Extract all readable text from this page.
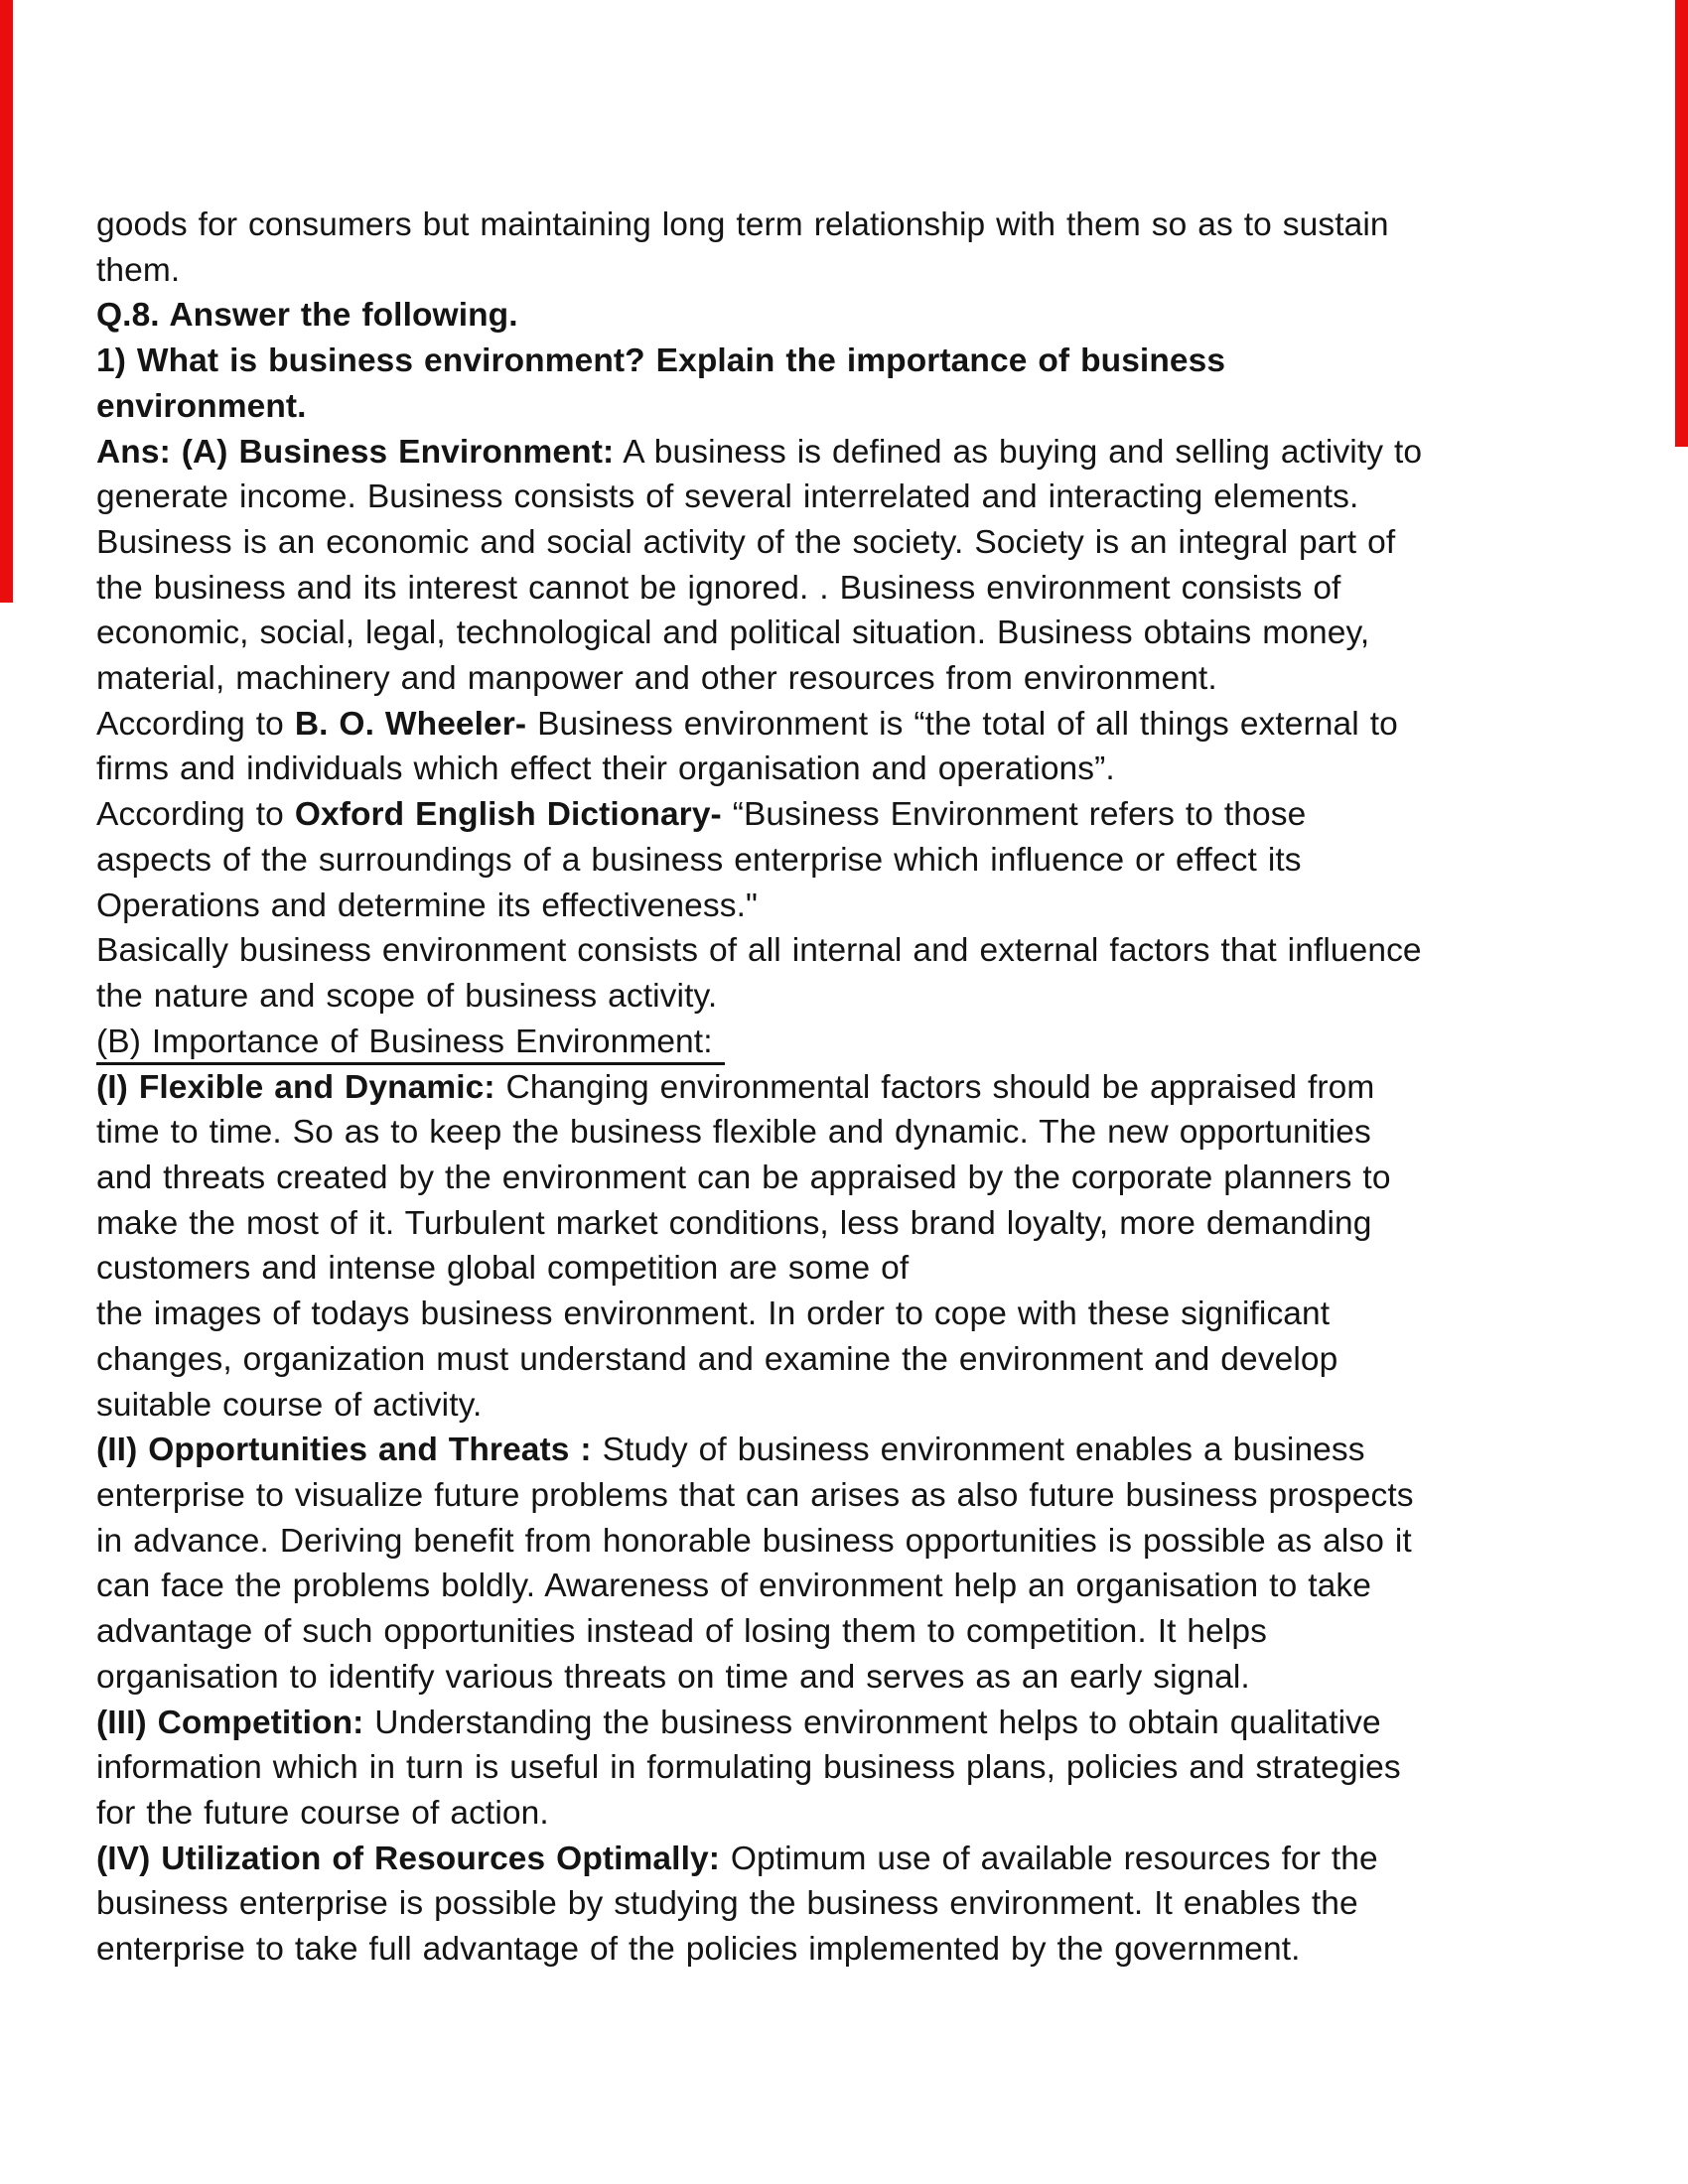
goods for consumers but maintaining long term relationship with them so as to sustain
them.
Q.8. Answer the following.
1) What is business environment? Explain the importance of business
environment.
Ans: (A) Business Environment: A business is defined as buying and selling activity to
generate income. Business consists of several interrelated and interacting elements.
Business is an economic and social activity of the society. Society is an integral part of
the business and its interest cannot be ignored. . Business environment consists of
economic, social, legal, technological and political situation. Business obtains money,
material, machinery and manpower and other resources from environment.
According to B. O. Wheeler- Business environment is “the total of all things external to
firms and individuals which effect their organisation and operations”.
According to Oxford English Dictionary- “Business Environment refers to those
aspects of the surroundings of a business enterprise which influence or effect its
Operations and determine its effectiveness."
Basically business environment consists of all internal and external factors that influence
the nature and scope of business activity.
(B) Importance of Business Environment:
(I) Flexible and Dynamic: Changing environmental factors should be appraised from
time to time. So as to keep the business flexible and dynamic. The new opportunities
and threats created by the environment can be appraised by the corporate planners to
make the most of it. Turbulent market conditions, less brand loyalty, more demanding
customers and intense global competition are some of
the images of todays business environment. In order to cope with these significant
changes, organization must understand and examine the environment and develop
suitable course of activity.
(II) Opportunities and Threats : Study of business environment enables a business
enterprise to visualize future problems that can arises as also future business prospects
in advance. Deriving benefit from honorable business opportunities is possible as also it
can face the problems boldly. Awareness of environment help an organisation to take
advantage of such opportunities instead of losing them to competition. It helps
organisation to identify various threats on time and serves as an early signal.
(III) Competition: Understanding the business environment helps to obtain qualitative
information which in turn is useful in formulating business plans, policies and strategies
for the future course of action.
(IV) Utilization of Resources Optimally: Optimum use of available resources for the
business enterprise is possible by studying the business environment. It enables the
enterprise to take full advantage of the policies implemented by the government.
